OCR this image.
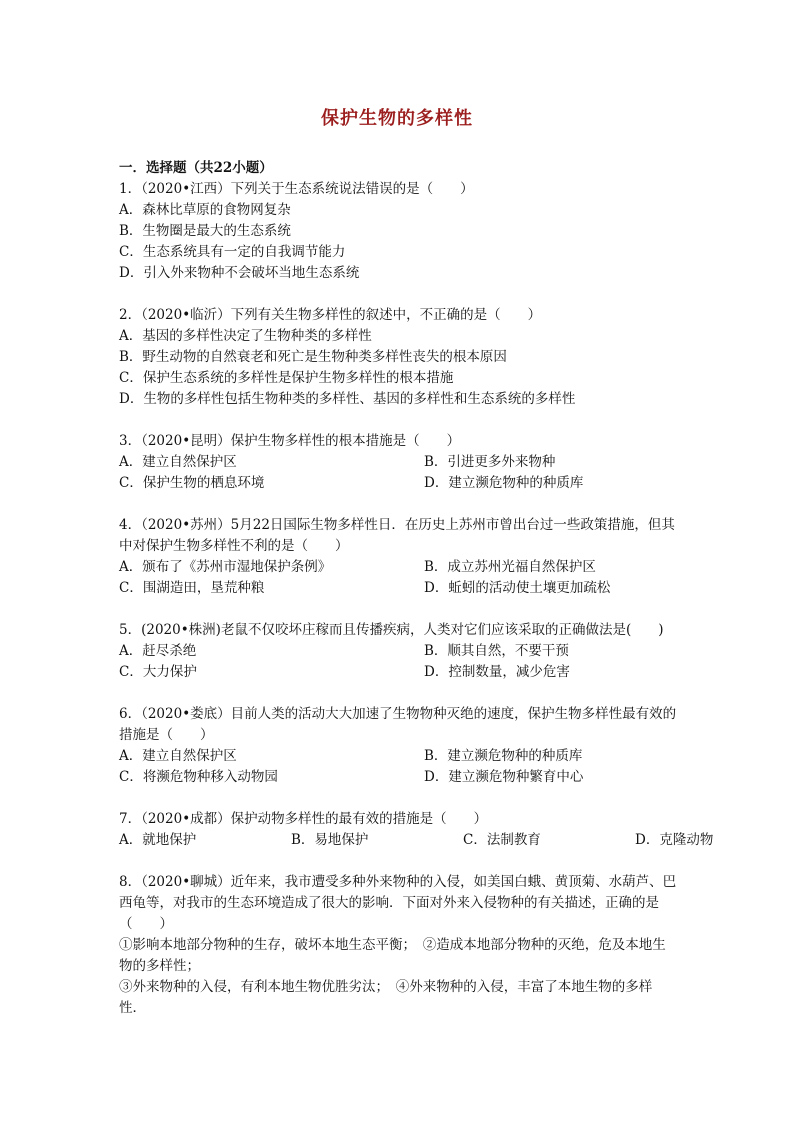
保护生物的多样性
一．选择题（共22小题）
1．（2020•江西）下列关于生态系统说法错误的是（　　）
A．森林比草原的食物网复杂
B．生物圈是最大的生态系统
C．生态系统具有一定的自我调节能力
D．引入外来物种不会破坏当地生态系统
2．（2020•临沂）下列有关生物多样性的叙述中，不正确的是（　　）
A．基因的多样性决定了生物种类的多样性
B．野生动物的自然衰老和死亡是生物种类多样性丧失的根本原因
C．保护生态系统的多样性是保护生物多样性的根本措施
D．生物的多样性包括生物种类的多样性、基因的多样性和生态系统的多样性
3．（2020•昆明）保护生物多样性的根本措施是（　　）
A．建立自然保护区	B．引进更多外来物种
C．保护生物的栖息环境	D．建立濒危物种的种质库
4．（2020•苏州）5月22日国际生物多样性日．在历史上苏州市曾出台过一些政策措施，但其中对保护生物多样性不利的是（　　）
A．颁布了《苏州市湿地保护条例》	B．成立苏州光福自然保护区
C．围湖造田，垦荒种粮	D．蚯蚓的活动使土壤更加疏松
5．(2020•株洲)老鼠不仅咬坏庄稼而且传播疾病，人类对它们应该采取的正确做法是(　　)
A．赶尽杀绝	B．顺其自然，不要干预
C．大力保护	D．控制数量，减少危害
6．（2020•娄底）目前人类的活动大大加速了生物物种灭绝的速度，保护生物多样性最有效的措施是（　　）
A．建立自然保护区	B．建立濒危物种的种质库
C．将濒危物种移入动物园	D．建立濒危物种繁育中心
7．（2020•成都）保护动物多样性的最有效的措施是（　　）
A．就地保护	B．易地保护	C．法制教育	D．克隆动物
8．（2020•聊城）近年来，我市遭受多种外来物种的入侵，如美国白蛾、黄顶菊、水葫芦、巴西龟等，对我市的生态环境造成了很大的影响．下面对外来入侵物种的有关描述，正确的是（　　）
①影响本地部分物种的生存，破坏本地生态平衡；　②造成本地部分物种的灭绝，危及本地生物的多样性；
③外来物种的入侵，有利本地生物优胜劣汰；　④外来物种的入侵，丰富了本地生物的多样性．
